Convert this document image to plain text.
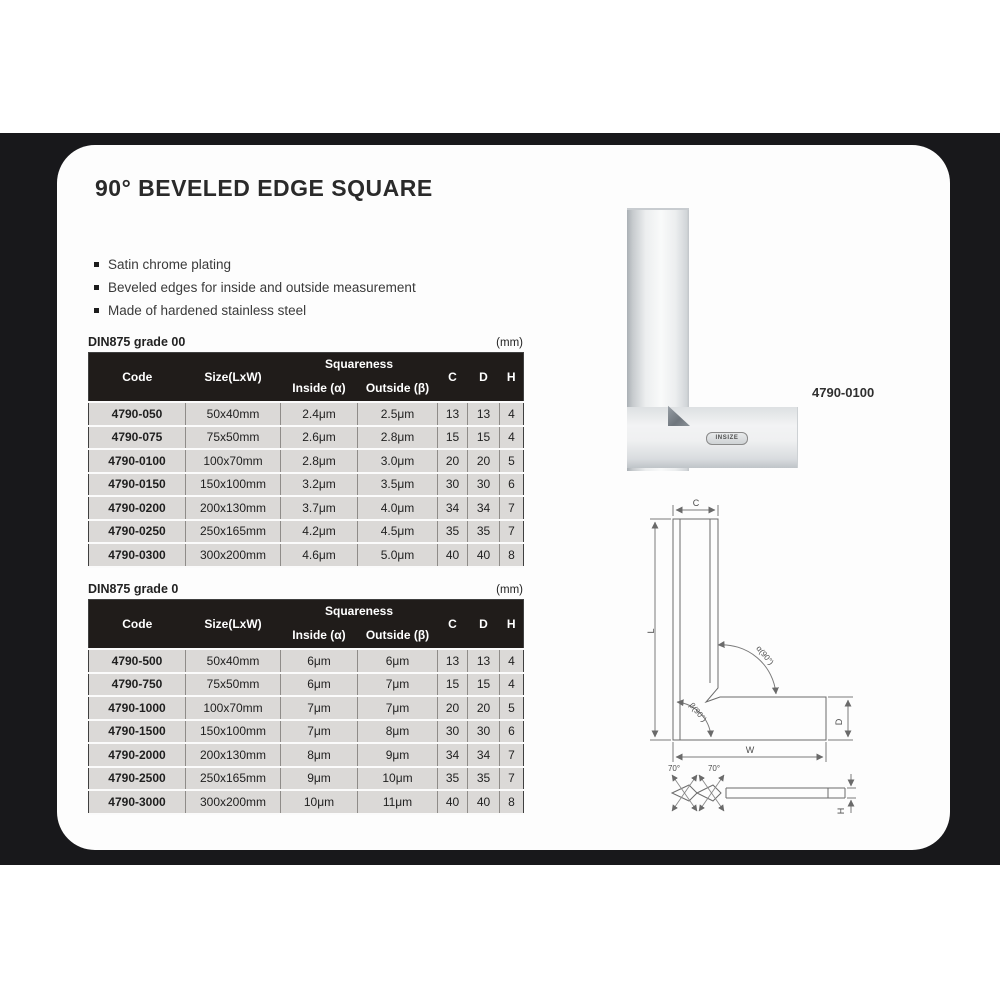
90° BEVELED EDGE SQUARE
Satin chrome plating
Beveled edges for inside and outside measurement
Made of hardened stainless steel
DIN875 grade 00	(mm)
Code	Size(LxW)	Squareness		C	D	H
		Inside (α)	Outside (β)			
4790-050	50x40mm	2.4μm	2.5μm	13	13	4
4790-075	75x50mm	2.6μm	2.8μm	15	15	4
4790-0100	100x70mm	2.8μm	3.0μm	20	20	5
4790-0150	150x100mm	3.2μm	3.5μm	30	30	6
4790-0200	200x130mm	3.7μm	4.0μm	34	34	7
4790-0250	250x165mm	4.2μm	4.5μm	35	35	7
4790-0300	300x200mm	4.6μm	5.0μm	40	40	8
DIN875 grade 0	(mm)
Code	Size(LxW)	Squareness		C	D	H
		Inside (α)	Outside (β)			
4790-500	50x40mm	6μm	6μm	13	13	4
4790-750	75x50mm	6μm	7μm	15	15	4
4790-1000	100x70mm	7μm	7μm	20	20	5
4790-1500	150x100mm	7μm	8μm	30	30	6
4790-2000	200x130mm	8μm	9μm	34	34	7
4790-2500	250x165mm	9μm	10μm	35	35	7
4790-3000	300x200mm	10μm	11μm	40	40	8
INSIZE
4790-0100
C
L
W
D
H
α(90°)
β(90°)
70°	70°
